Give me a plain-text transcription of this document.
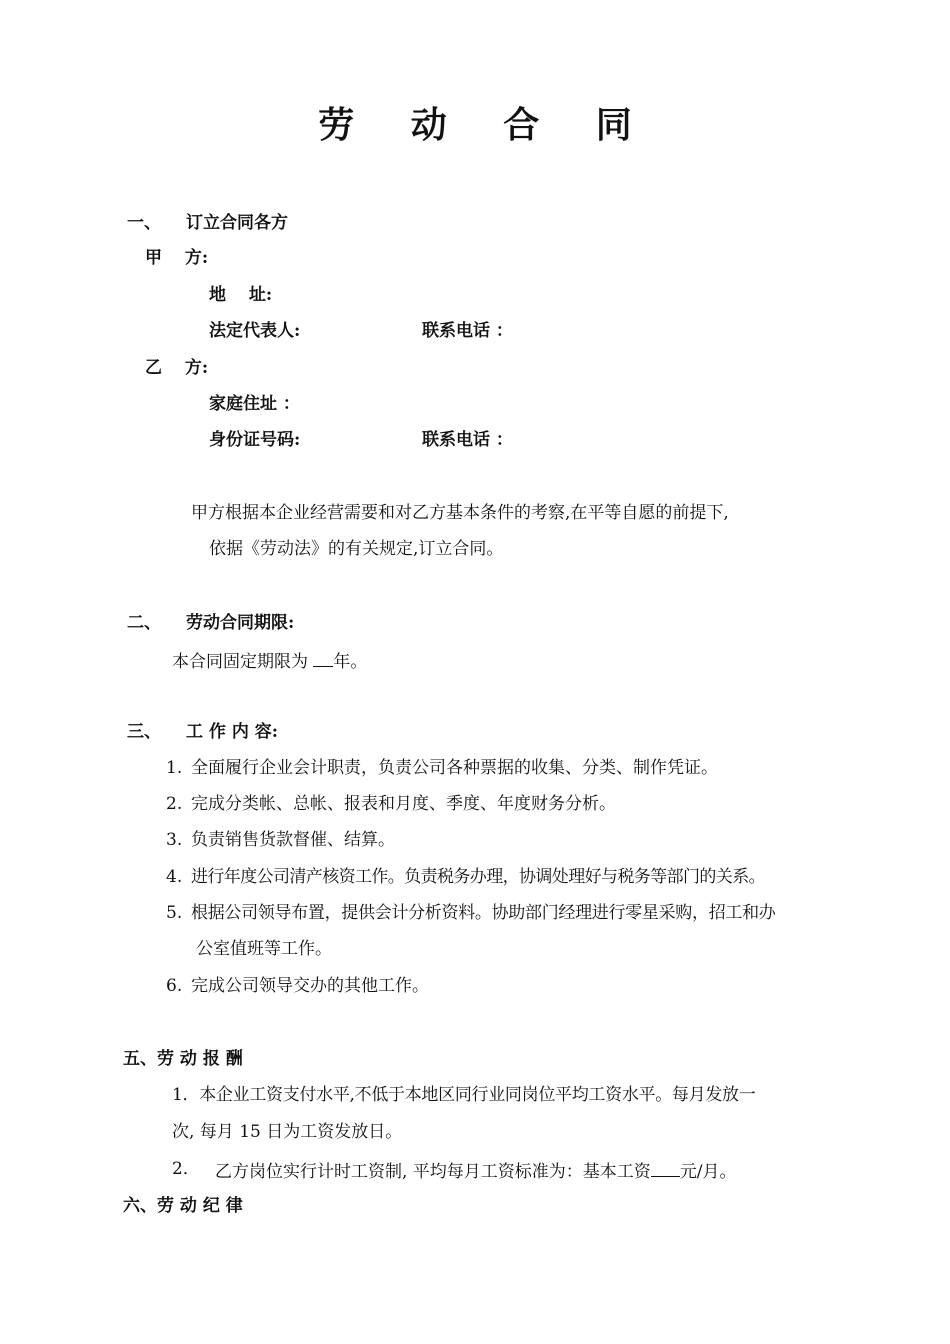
劳 动 合 同
一、 订立合同各方
甲　 方:
地　 址:
法定代表人:	联系电话 ：
乙　 方:
家庭住址 ：
身份证号码:	联系电话 ：
甲方根据本企业经营需要和对乙方基本条件的考察,在平等自愿的前提下,
依据《劳动法》的有关规定,订立合同。
二、 劳动合同期限:
本合同固定期限为 年。
三、 工 作 内 容:
1. 全面履行企业会计职责，负责公司各种票据的收集、分类、制作凭证。
2. 完成分类帐、总帐、报表和月度、季度、年度财务分析。
3. 负责销售货款督催、结算。
4. 进行年度公司清产核资工作。负责税务办理，协调处理好与税务等部门的关系。
5. 根据公司领导布置，提供会计分析资料。协助部门经理进行零星采购，招工和办
公室值班等工作。
6. 完成公司领导交办的其他工作。
五、劳 动 报 酬
1．本企业工资支付水平,不低于本地区同行业同岗位平均工资水平。每月发放一
次, 每月 15 日为工资发放日。
2． 乙方岗位实行计时工资制, 平均每月工资标准为：基本工资 元/月。
六、劳 动 纪 律
